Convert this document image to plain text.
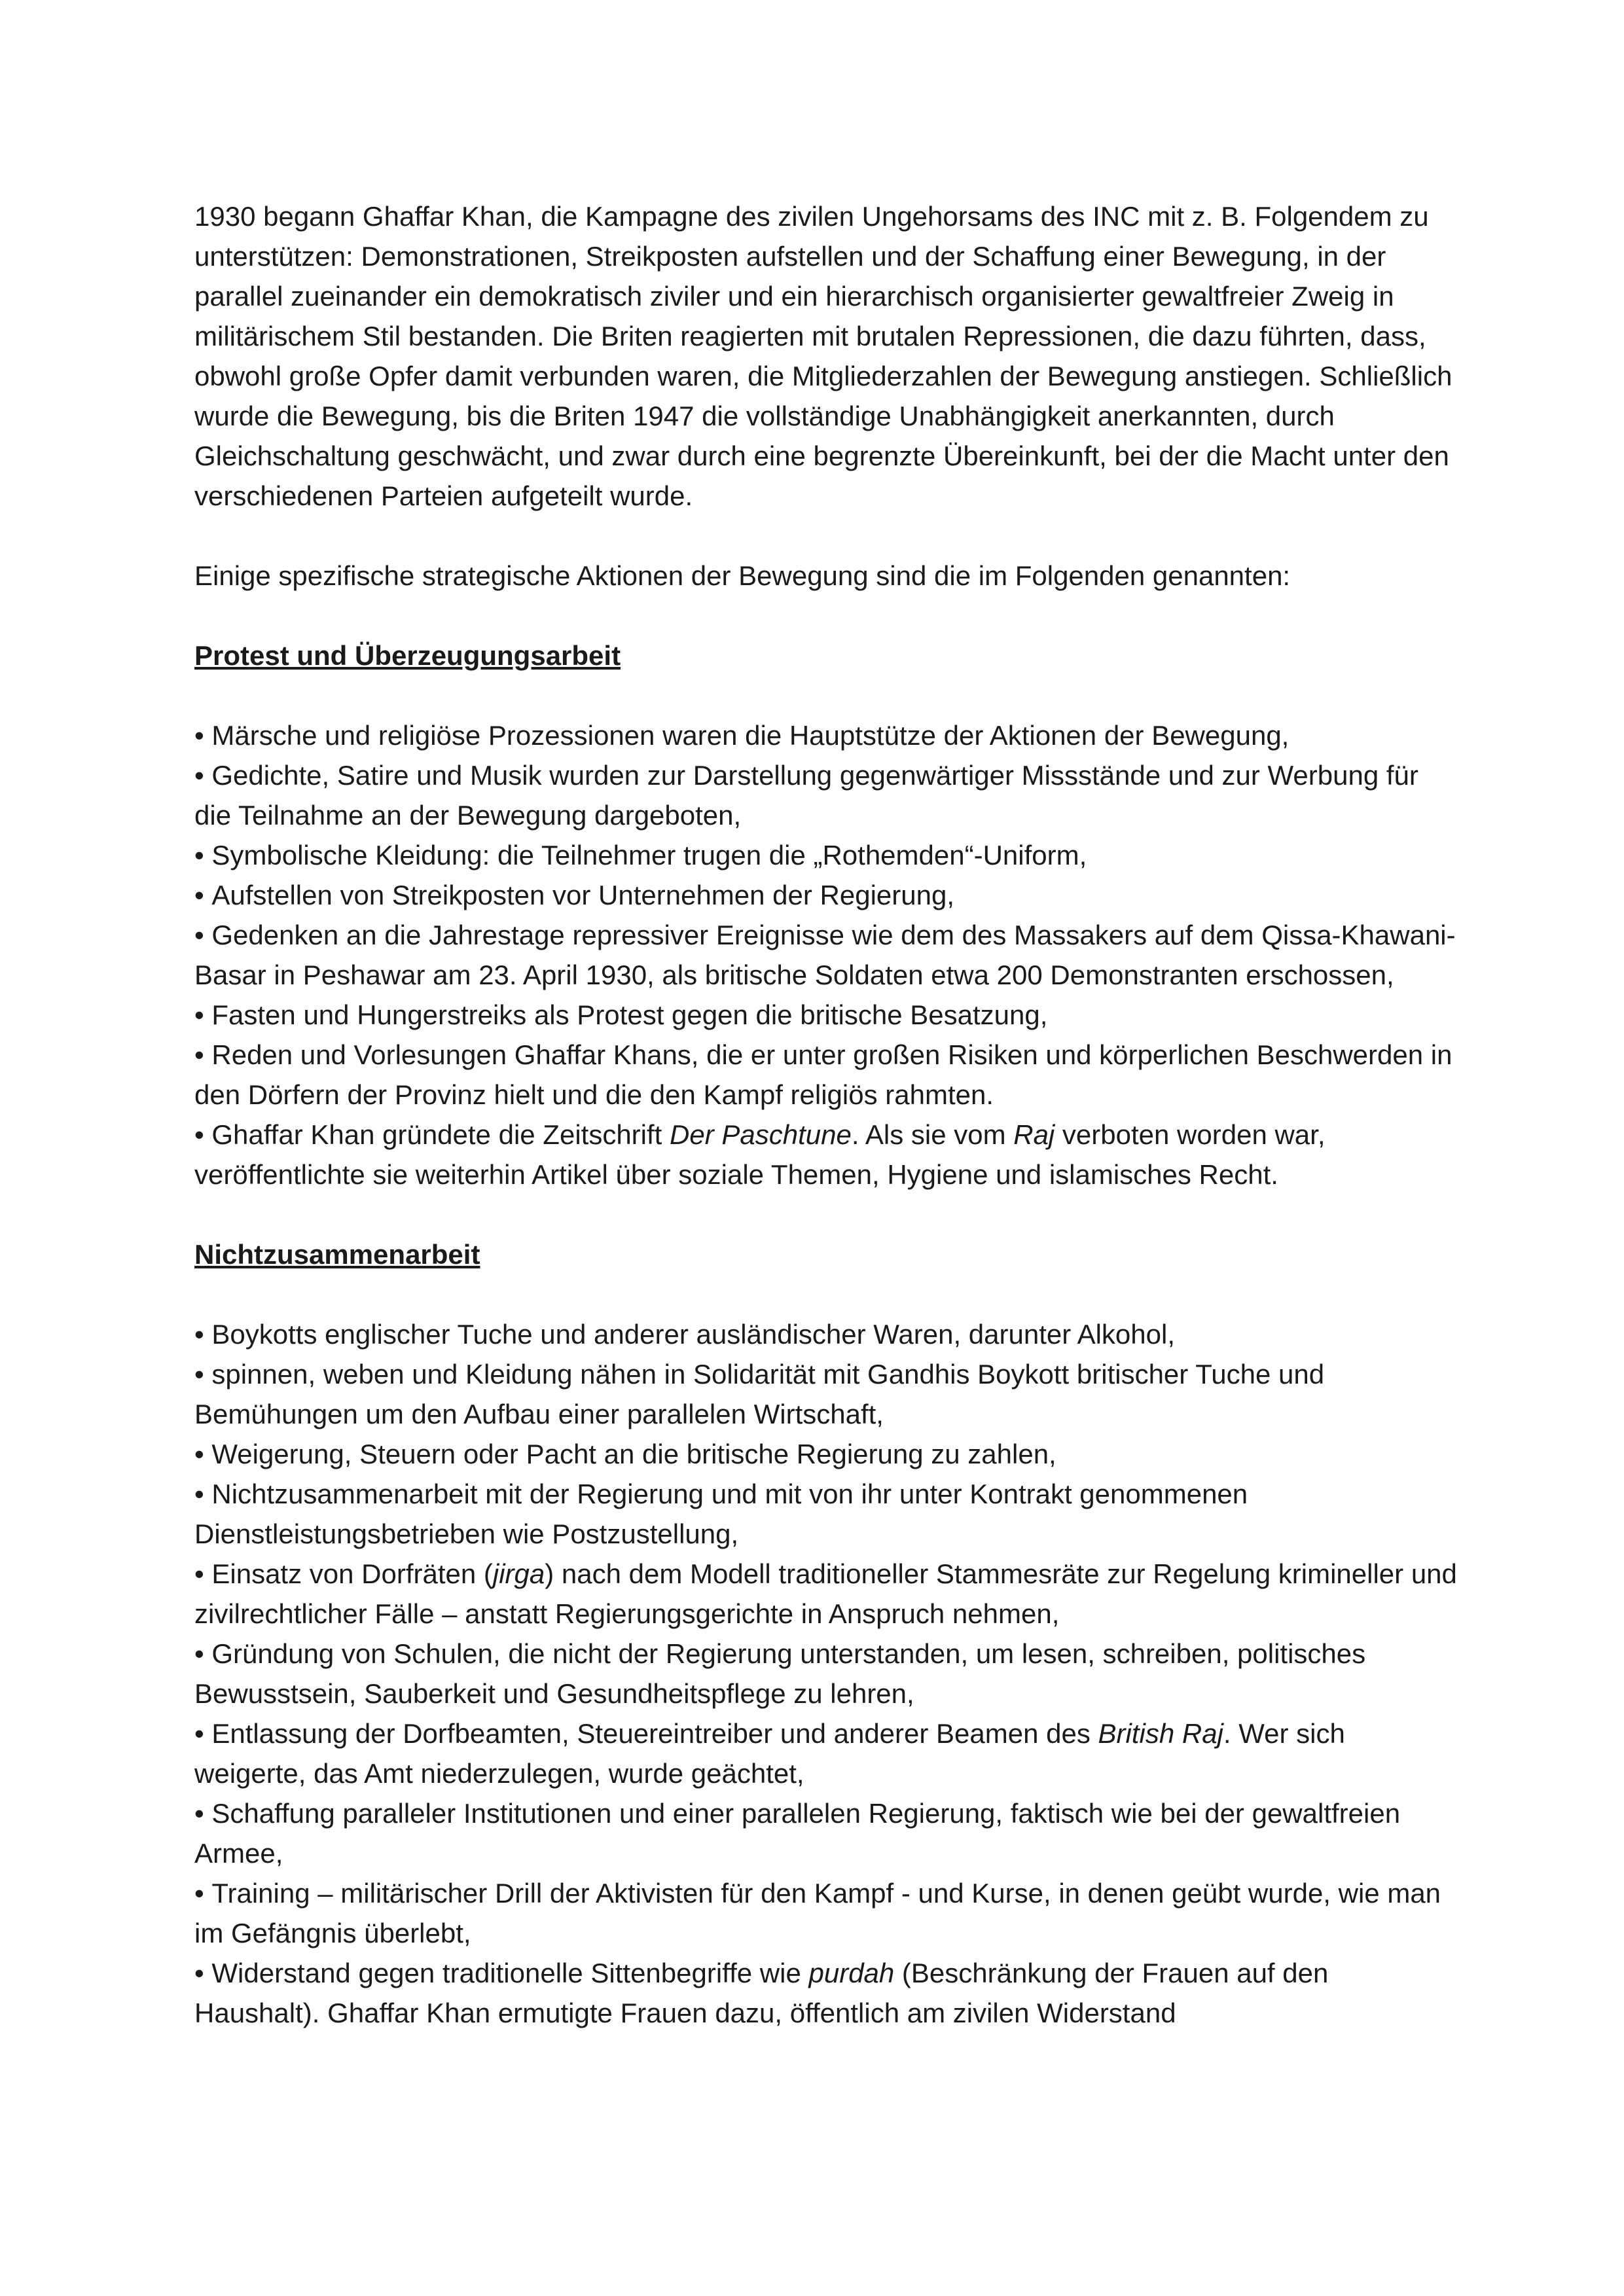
1930 begann Ghaffar Khan, die Kampagne des zivilen Ungehorsams des INC mit z. B. Folgendem zu unterstützen: Demonstrationen, Streikposten aufstellen und der Schaffung einer Bewegung, in der parallel zueinander ein demokratisch ziviler und ein hierarchisch organisierter gewaltfreier Zweig in militärischem Stil bestanden. Die Briten reagierten mit brutalen Repressionen, die dazu führten, dass, obwohl große Opfer damit verbunden waren, die Mitgliederzahlen der Bewegung anstiegen. Schließlich wurde die Bewegung, bis die Briten 1947 die vollständige Unabhängigkeit anerkannten, durch Gleichschaltung geschwächt, und zwar durch eine begrenzte Übereinkunft, bei der die Macht unter den verschiedenen Parteien aufgeteilt wurde.

Einige spezifische strategische Aktionen der Bewegung sind die im Folgenden genannten:

Protest und Überzeugungsarbeit

• Märsche und religiöse Prozessionen waren die Hauptstütze der Aktionen der Bewegung,

• Gedichte, Satire und Musik wurden zur Darstellung gegenwärtiger Missstände und zur Werbung für die Teilnahme an der Bewegung dargeboten,

• Symbolische Kleidung: die Teilnehmer trugen die „Rothemden“-Uniform,

• Aufstellen von Streikposten vor Unternehmen der Regierung,

• Gedenken an die Jahrestage repressiver Ereignisse wie dem des Massakers auf dem Qissa-Khawani-Basar in Peshawar am 23. April 1930, als britische Soldaten etwa 200 Demonstranten erschossen,

• Fasten und Hungerstreiks als Protest gegen die britische Besatzung,

• Reden und Vorlesungen Ghaffar Khans, die er unter großen Risiken und körperlichen Beschwerden in den Dörfern der Provinz hielt und die den Kampf religiös rahmten.

• Ghaffar Khan gründete die Zeitschrift Der Paschtune. Als sie vom Raj verboten worden war, veröffentlichte sie weiterhin Artikel über soziale Themen, Hygiene und islamisches Recht.

Nichtzusammenarbeit

• Boykotts englischer Tuche und anderer ausländischer Waren, darunter Alkohol,

• spinnen, weben und Kleidung nähen in Solidarität mit Gandhis Boykott britischer Tuche und Bemühungen um den Aufbau einer parallelen Wirtschaft,

• Weigerung, Steuern oder Pacht an die britische Regierung zu zahlen,

• Nichtzusammenarbeit mit der Regierung und mit von ihr unter Kontrakt genommenen Dienstleistungsbetrieben wie Postzustellung,

• Einsatz von Dorfräten (jirga) nach dem Modell traditioneller Stammesräte zur Regelung krimineller und zivilrechtlicher Fälle – anstatt Regierungsgerichte in Anspruch nehmen,

• Gründung von Schulen, die nicht der Regierung unterstanden, um lesen, schreiben, politisches Bewusstsein, Sauberkeit und Gesundheitspflege zu lehren,

• Entlassung der Dorfbeamten, Steuereintreiber und anderer Beamen des British Raj. Wer sich weigerte, das Amt niederzulegen, wurde geächtet,

• Schaffung paralleler Institutionen und einer parallelen Regierung, faktisch wie bei der gewaltfreien Armee,

• Training – militärischer Drill der Aktivisten für den Kampf - und Kurse, in denen geübt wurde, wie man im Gefängnis überlebt,

• Widerstand gegen traditionelle Sittenbegriffe wie purdah (Beschränkung der Frauen auf den Haushalt). Ghaffar Khan ermutigte Frauen dazu, öffentlich am zivilen Widerstand
